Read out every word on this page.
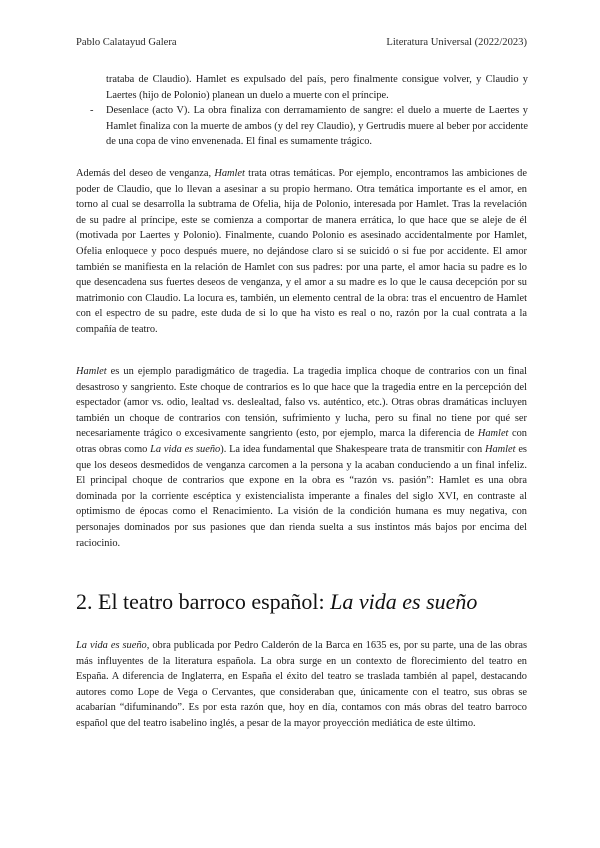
Pablo Calatayud Galera	Literatura Universal (2022/2023)
trataba de Claudio). Hamlet es expulsado del país, pero finalmente consigue volver, y Claudio y Laertes (hijo de Polonio) planean un duelo a muerte con el príncipe.
- Desenlace (acto V). La obra finaliza con derramamiento de sangre: el duelo a muerte de Laertes y Hamlet finaliza con la muerte de ambos (y del rey Claudio), y Gertrudis muere al beber por accidente de una copa de vino envenenada. El final es sumamente trágico.

Además del deseo de venganza, Hamlet trata otras temáticas. Por ejemplo, encontramos las ambiciones de poder de Claudio, que lo llevan a asesinar a su propio hermano. Otra temática importante es el amor, en torno al cual se desarrolla la subtrama de Ofelia, hija de Polonio, interesada por Hamlet. Tras la revelación de su padre al príncipe, este se comienza a comportar de manera errática, lo que hace que se aleje de él (motivada por Laertes y Polonio). Finalmente, cuando Polonio es asesinado accidentalmente por Hamlet, Ofelia enloquece y poco después muere, no dejándose claro si se suicidó o si fue por accidente. El amor también se manifiesta en la relación de Hamlet con sus padres: por una parte, el amor hacia su padre es lo que desencadena sus fuertes deseos de venganza, y el amor a su madre es lo que le causa decepción por su matrimonio con Claudio. La locura es, también, un elemento central de la obra: tras el encuentro de Hamlet con el espectro de su padre, este duda de si lo que ha visto es real o no, razón por la cual contrata a la compañía de teatro.

Hamlet es un ejemplo paradigmático de tragedia. La tragedia implica choque de contrarios con un final desastroso y sangriento. Este choque de contrarios es lo que hace que la tragedia entre en la percepción del espectador (amor vs. odio, lealtad vs. deslealtad, falso vs. auténtico, etc.). Otras obras dramáticas incluyen también un choque de contrarios con tensión, sufrimiento y lucha, pero su final no tiene por qué ser necesariamente trágico o excesivamente sangriento (esto, por ejemplo, marca la diferencia de Hamlet con otras obras como La vida es sueño). La idea fundamental que Shakespeare trata de transmitir con Hamlet es que los deseos desmedidos de venganza carcomen a la persona y la acaban conduciendo a un final infeliz. El principal choque de contrarios que expone en la obra es “razón vs. pasión”: Hamlet es una obra dominada por la corriente escéptica y existencialista imperante a finales del siglo XVI, en contraste al optimismo de épocas como el Renacimiento. La visión de la condición humana es muy negativa, con personajes dominados por sus pasiones que dan rienda suelta a sus instintos más bajos por encima del raciocinio.

2. El teatro barroco español: La vida es sueño

La vida es sueño, obra publicada por Pedro Calderón de la Barca en 1635 es, por su parte, una de las obras más influyentes de la literatura española. La obra surge en un contexto de florecimiento del teatro en España. A diferencia de Inglaterra, en España el éxito del teatro se traslada también al papel, destacando autores como Lope de Vega o Cervantes, que consideraban que, únicamente con el teatro, sus obras se acabarían “difuminando”. Es por esta razón que, hoy en día, contamos con más obras del teatro barroco español que del teatro isabelino inglés, a pesar de la mayor proyección mediática de este último.
